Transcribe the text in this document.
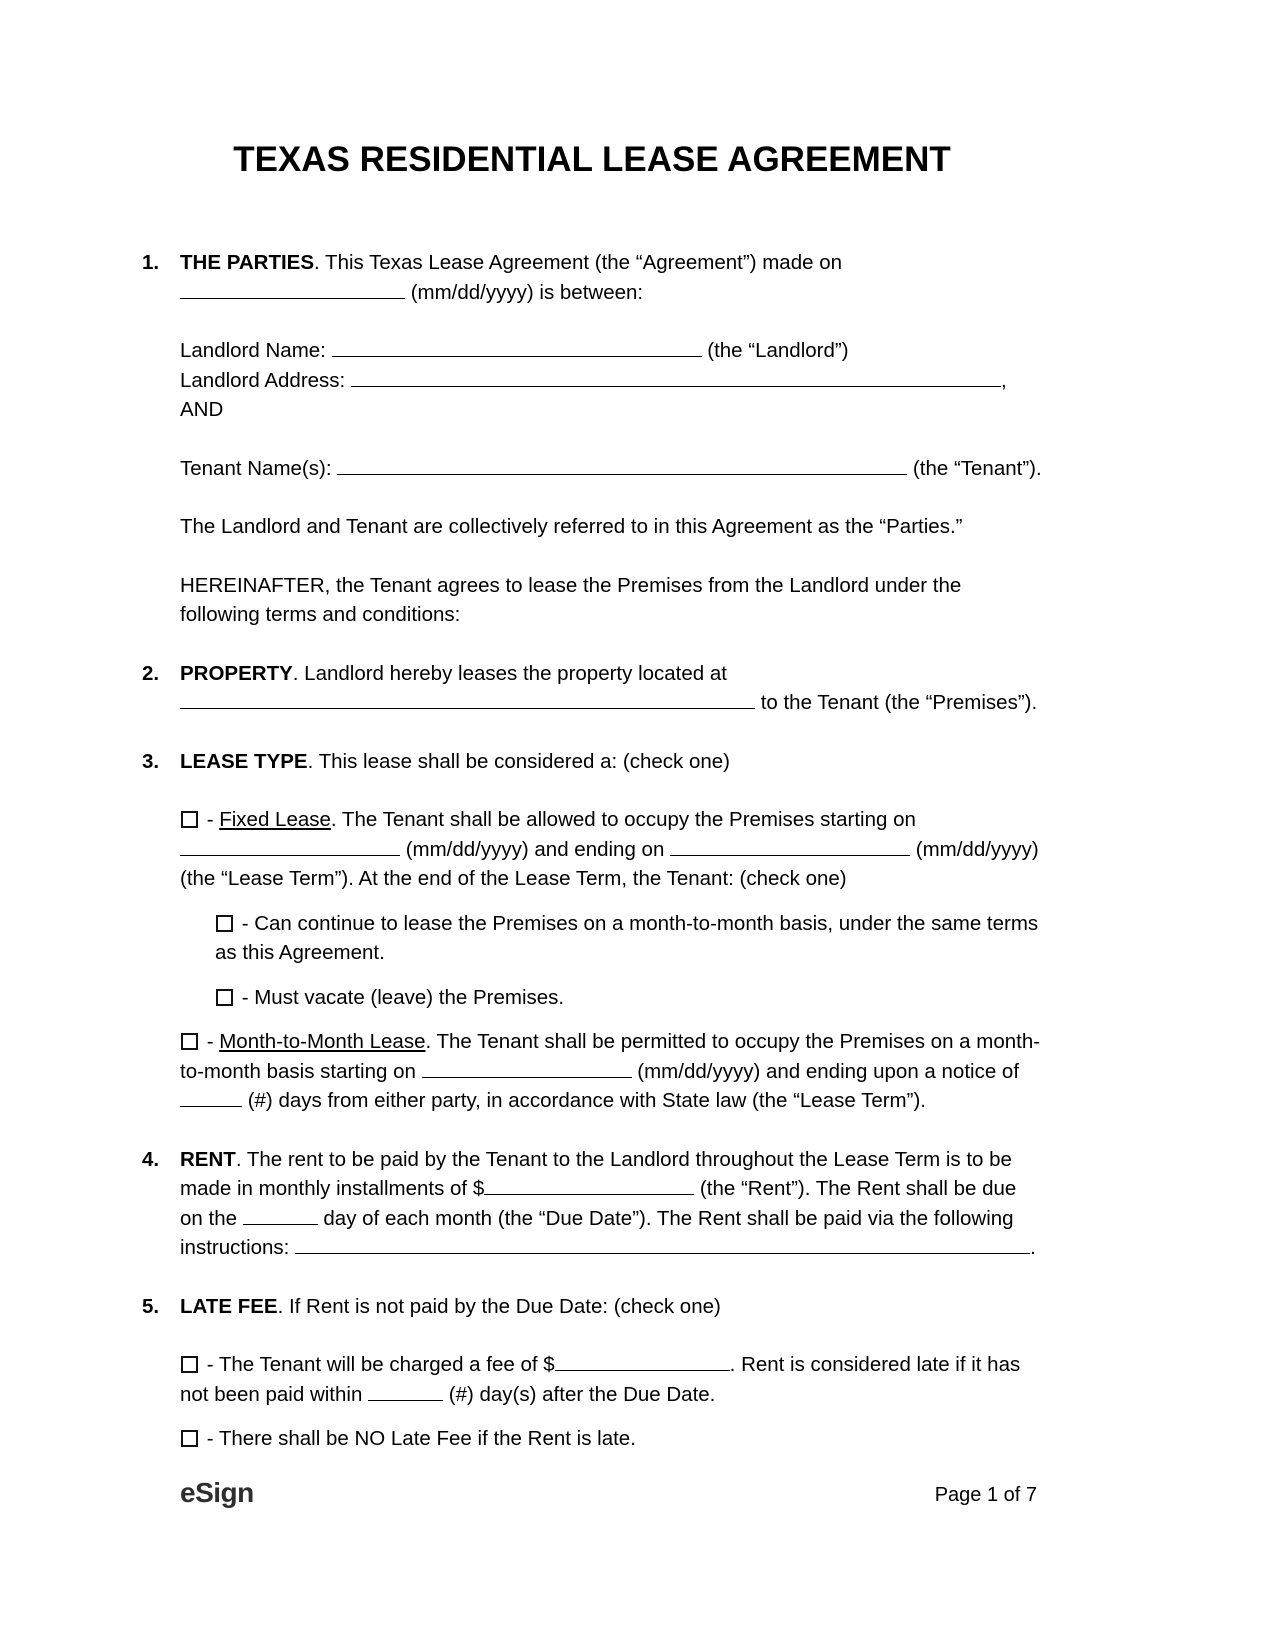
TEXAS RESIDENTIAL LEASE AGREEMENT
1. THE PARTIES. This Texas Lease Agreement (the “Agreement”) made on  (mm/dd/yyyy) is between:
Landlord Name:	(the “Landlord”)
Landlord Address:	, AND
Tenant Name(s):	(the “Tenant”).
The Landlord and Tenant are collectively referred to in this Agreement as the “Parties.”
HEREINAFTER, the Tenant agrees to lease the Premises from the Landlord under the following terms and conditions:
2. PROPERTY. Landlord hereby leases the property located at  to the Tenant (the “Premises”).
3. LEASE TYPE. This lease shall be considered a: (check one)
- Fixed Lease. The Tenant shall be allowed to occupy the Premises starting on  (mm/dd/yyyy) and ending on	(mm/dd/yyyy) (the “Lease Term”). At the end of the Lease Term, the Tenant: (check one)
- Can continue to lease the Premises on a month-to-month basis, under the same terms as this Agreement.
- Must vacate (leave) the Premises.
- Month-to-Month Lease. The Tenant shall be permitted to occupy the Premises on a month-to-month basis starting on	(mm/dd/yyyy) and ending upon a notice of  (#) days from either party, in accordance with State law (the “Lease Term”).
4. RENT. The rent to be paid by the Tenant to the Landlord throughout the Lease Term is to be made in monthly installments of $	(the “Rent”). The Rent shall be due on the	day of each month (the “Due Date”). The Rent shall be paid via the following instructions:	.
5. LATE FEE. If Rent is not paid by the Due Date: (check one)
- The Tenant will be charged a fee of $	. Rent is considered late if it has not been paid within	(#) day(s) after the Due Date.
- There shall be NO Late Fee if the Rent is late.
eSign	Page 1 of 7
